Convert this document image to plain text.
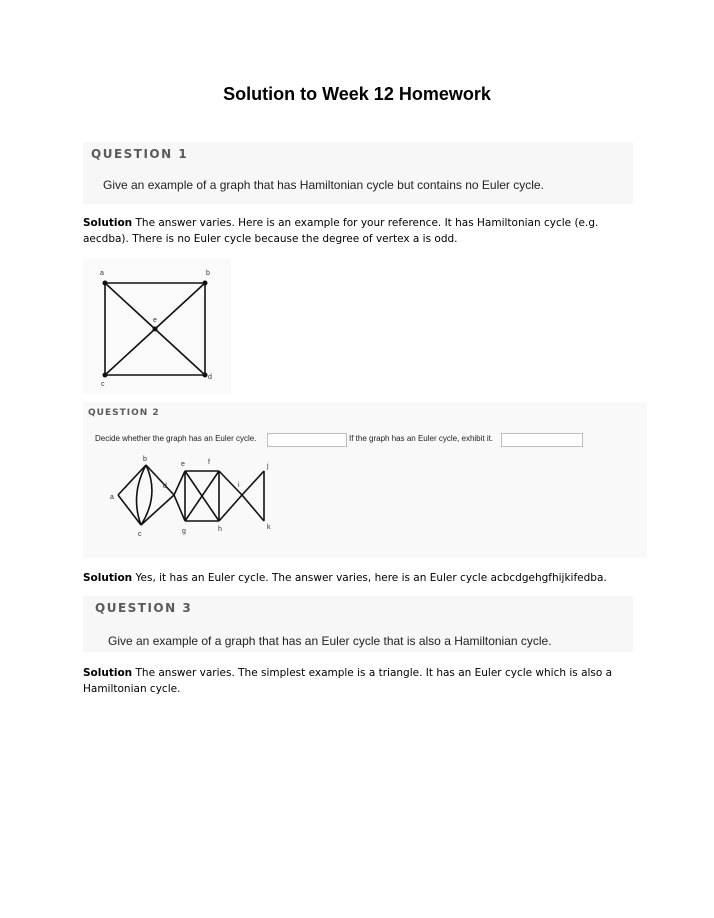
Solution to Week 12 Homework
QUESTION 1
Give an example of a graph that has Hamiltonian cycle but contains no Euler cycle.
Solution The answer varies. Here is an example for your reference. It has Hamiltonian cycle (e.g. aecdba). There is no Euler cycle because the degree of vertex a is odd.
a	b
c
d
e
QUESTION 2
Decide whether the graph has an Euler cycle.	If the graph has an Euler cycle, exhibit it.
b
a
c
d
e	f
g	h
i
j
k
Solution Yes, it has an Euler cycle. The answer varies, here is an Euler cycle acbcdgehgfhijkifedba.
QUESTION 3
Give an example of a graph that has an Euler cycle that is also a Hamiltonian cycle.
Solution The answer varies. The simplest example is a triangle. It has an Euler cycle which is also a Hamiltonian cycle.
